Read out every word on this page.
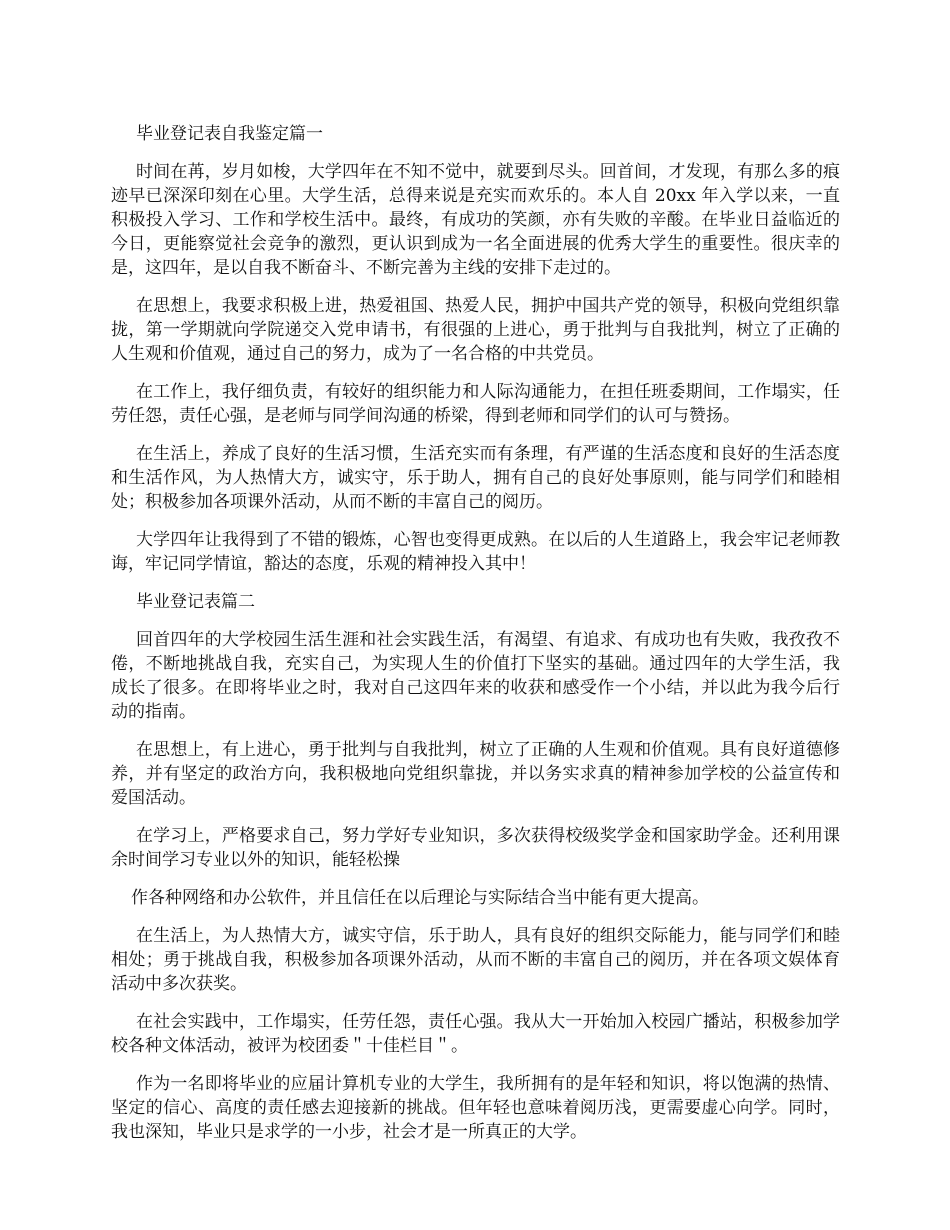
毕业登记表自我鉴定篇一

时间在苒，岁月如梭，大学四年在不知不觉中，就要到尽头。回首间，才发现，有那么多的痕迹早已深深印刻在心里。大学生活，总得来说是充实而欢乐的。本人自 20xx 年入学以来，一直积极投入学习、工作和学校生活中。最终，有成功的笑颜，亦有失败的辛酸。在毕业日益临近的今日，更能察觉社会竞争的激烈，更认识到成为一名全面进展的优秀大学生的重要性。很庆幸的是，这四年，是以自我不断奋斗、不断完善为主线的安排下走过的。

在思想上，我要求积极上进，热爱祖国、热爱人民，拥护中国共产党的领导，积极向党组织靠拢，第一学期就向学院递交入党申请书，有很强的上进心，勇于批判与自我批判，树立了正确的人生观和价值观，通过自己的努力，成为了一名合格的中共党员。

在工作上，我仔细负责，有较好的组织能力和人际沟通能力，在担任班委期间，工作塌实，任劳任怨，责任心强，是老师与同学间沟通的桥梁，得到老师和同学们的认可与赞扬。

在生活上，养成了良好的生活习惯，生活充实而有条理，有严谨的生活态度和良好的生活态度和生活作风，为人热情大方，诚实守，乐于助人，拥有自己的良好处事原则，能与同学们和睦相处；积极参加各项课外活动，从而不断的丰富自己的阅历。

大学四年让我得到了不错的锻炼，心智也变得更成熟。在以后的人生道路上，我会牢记老师教诲，牢记同学情谊，豁达的态度，乐观的精神投入其中！

毕业登记表篇二

回首四年的大学校园生活生涯和社会实践生活，有渴望、有追求、有成功也有失败，我孜孜不倦，不断地挑战自我，充实自己，为实现人生的价值打下坚实的基础。通过四年的大学生活，我成长了很多。在即将毕业之时，我对自己这四年来的收获和感受作一个小结，并以此为我今后行动的指南。

在思想上，有上进心，勇于批判与自我批判，树立了正确的人生观和价值观。具有良好道德修养，并有坚定的政治方向，我积极地向党组织靠拢，并以务实求真的精神参加学校的公益宣传和爱国活动。

在学习上，严格要求自己，努力学好专业知识，多次获得校级奖学金和国家助学金。还利用课余时间学习专业以外的知识，能轻松操

作各种网络和办公软件，并且信任在以后理论与实际结合当中能有更大提高。

在生活上，为人热情大方，诚实守信，乐于助人，具有良好的组织交际能力，能与同学们和睦相处；勇于挑战自我，积极参加各项课外活动，从而不断的丰富自己的阅历，并在各项文娱体育活动中多次获奖。

在社会实践中，工作塌实，任劳任怨，责任心强。我从大一开始加入校园广播站，积极参加学校各种文体活动，被评为校团委＂十佳栏目＂。

作为一名即将毕业的应届计算机专业的大学生，我所拥有的是年轻和知识，将以饱满的热情、坚定的信心、高度的责任感去迎接新的挑战。但年轻也意味着阅历浅，更需要虚心向学。同时，我也深知，毕业只是求学的一小步，社会才是一所真正的大学。
